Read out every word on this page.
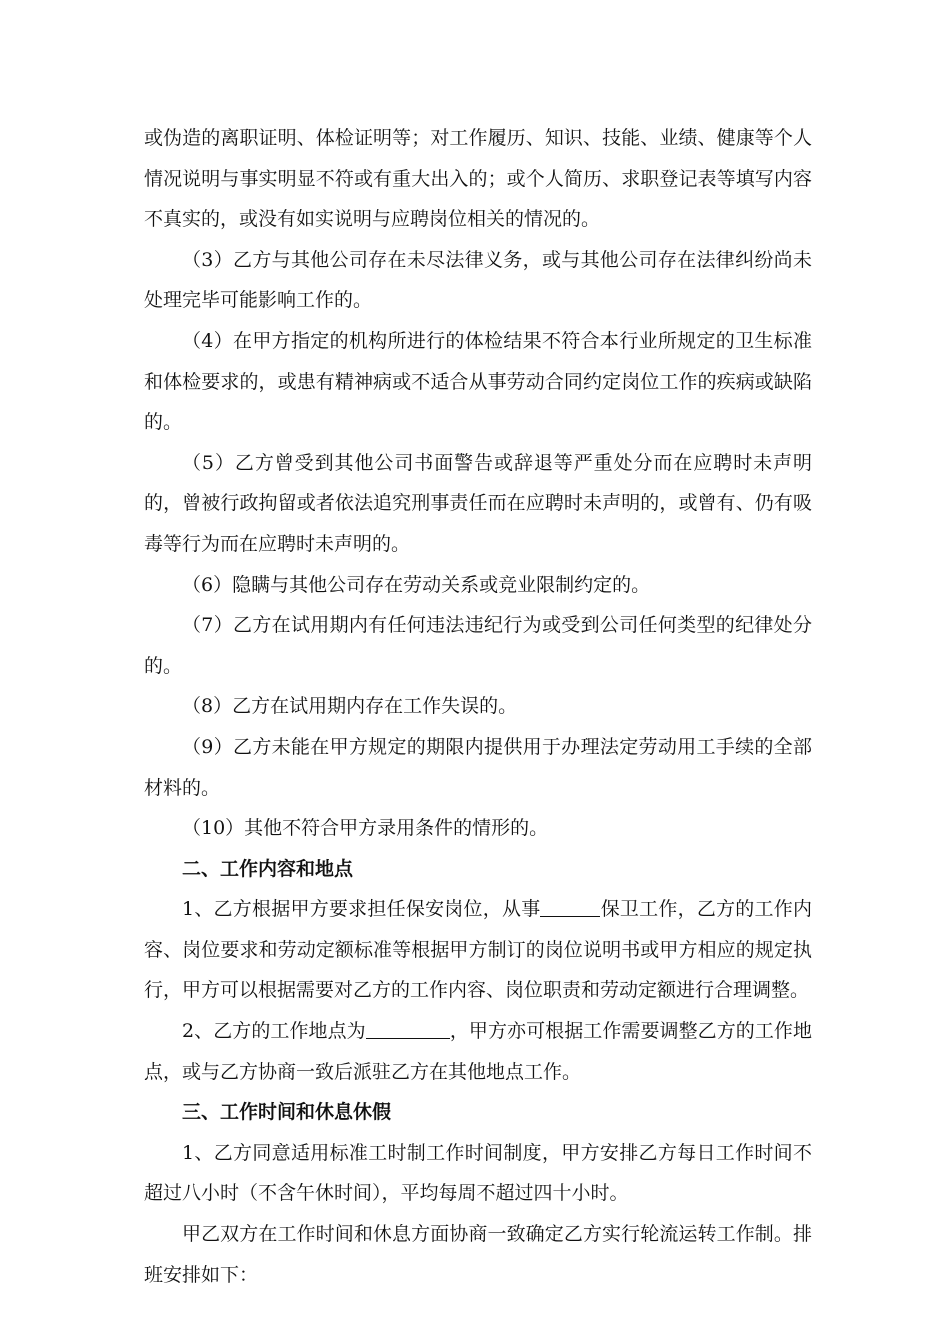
或伪造的离职证明、体检证明等；对工作履历、知识、技能、业绩、健康等个人情况说明与事实明显不符或有重大出入的；或个人简历、求职登记表等填写内容不真实的，或没有如实说明与应聘岗位相关的情况的。

（3）乙方与其他公司存在未尽法律义务，或与其他公司存在法律纠纷尚未处理完毕可能影响工作的。

（4）在甲方指定的机构所进行的体检结果不符合本行业所规定的卫生标准和体检要求的，或患有精神病或不适合从事劳动合同约定岗位工作的疾病或缺陷的。

（5）乙方曾受到其他公司书面警告或辞退等严重处分而在应聘时未声明的，曾被行政拘留或者依法追究刑事责任而在应聘时未声明的，或曾有、仍有吸毒等行为而在应聘时未声明的。

（6）隐瞒与其他公司存在劳动关系或竞业限制约定的。

（7）乙方在试用期内有任何违法违纪行为或受到公司任何类型的纪律处分的。

（8）乙方在试用期内存在工作失误的。

（9）乙方未能在甲方规定的期限内提供用于办理法定劳动用工手续的全部材料的。

（10）其他不符合甲方录用条件的情形的。

二、工作内容和地点

1、乙方根据甲方要求担任保安岗位，从事	保卫工作，乙方的工作内容、岗位要求和劳动定额标准等根据甲方制订的岗位说明书或甲方相应的规定执行，甲方可以根据需要对乙方的工作内容、岗位职责和劳动定额进行合理调整。

2、乙方的工作地点为	，甲方亦可根据工作需要调整乙方的工作地点，或与乙方协商一致后派驻乙方在其他地点工作。

三、工作时间和休息休假

1、乙方同意适用标准工时制工作时间制度，甲方安排乙方每日工作时间不超过八小时（不含午休时间），平均每周不超过四十小时。

甲乙双方在工作时间和休息方面协商一致确定乙方实行轮流运转工作制。排班安排如下：
